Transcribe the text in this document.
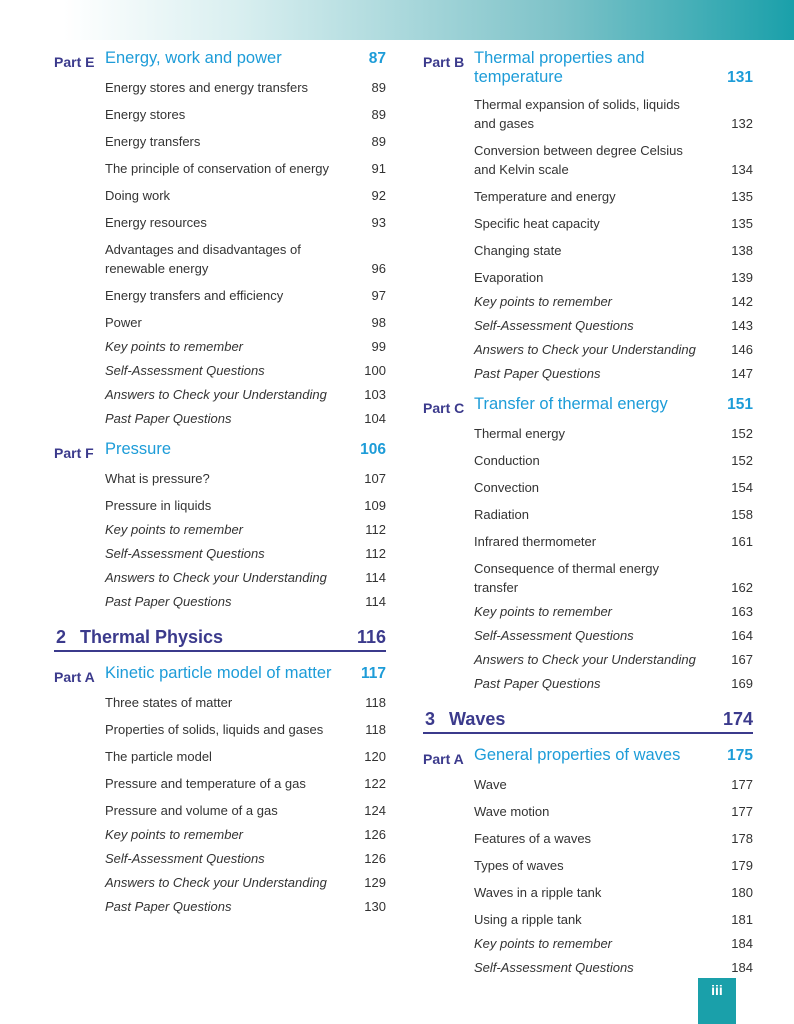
Part E Energy, work and power	87
Energy stores and energy transfers	89
Energy stores	89
Energy transfers	89
The principle of conservation of energy	91
Doing work	92
Energy resources	93
Advantages and disadvantages of renewable energy	96
Energy transfers and efficiency	97
Power	98
Key points to remember	99
Self-Assessment Questions	100
Answers to Check your Understanding	103
Past Paper Questions	104
Part F Pressure	106
What is pressure?	107
Pressure in liquids	109
Key points to remember	112
Self-Assessment Questions	112
Answers to Check your Understanding	114
Past Paper Questions	114
2 Thermal Physics	116
Part A Kinetic particle model of matter 117
Three states of matter	118
Properties of solids, liquids and gases	118
The particle model	120
Pressure and temperature of a gas	122
Pressure and volume of a gas	124
Key points to remember	126
Self-Assessment Questions	126
Answers to Check your Understanding	129
Past Paper Questions	130
Part B Thermal properties and temperature	131
Thermal expansion of solids, liquids and gases	132
Conversion between degree Celsius and Kelvin scale	134
Temperature and energy	135
Specific heat capacity	135
Changing state	138
Evaporation	139
Key points to remember	142
Self-Assessment Questions	143
Answers to Check your Understanding	146
Past Paper Questions	147
Part C Transfer of thermal energy	151
Thermal energy	152
Conduction	152
Convection	154
Radiation	158
Infrared thermometer	161
Consequence of thermal energy transfer	162
Key points to remember	163
Self-Assessment Questions	164
Answers to Check your Understanding	167
Past Paper Questions	169
3 Waves	174
Part A General properties of waves	175
Wave	177
Wave motion	177
Features of a waves	178
Types of waves	179
Waves in a ripple tank	180
Using a ripple tank	181
Key points to remember	184
Self-Assessment Questions	184
iii
